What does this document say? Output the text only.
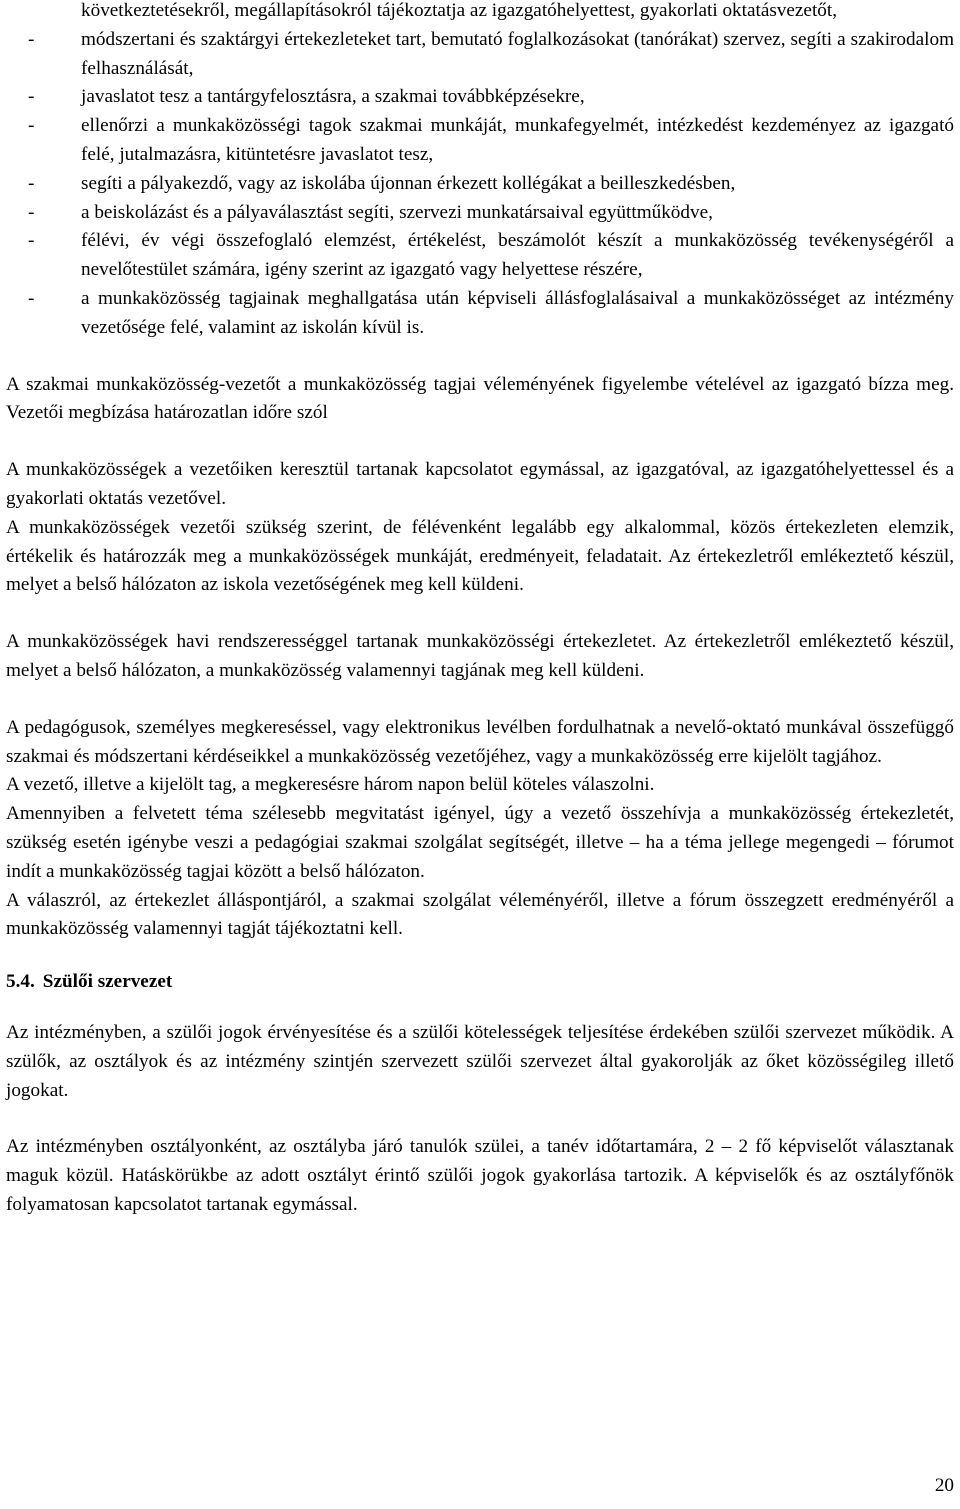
következtetésekről, megállapításokról tájékoztatja az igazgatóhelyettest, gyakorlati oktatásvezetőt,

- módszertani és szaktárgyi értekezleteket tart, bemutató foglalkozásokat (tanórákat) szervez, segíti a szakirodalom felhasználását,
- javaslatot tesz a tantárgyfelosztásra, a szakmai továbbképzésekre,
- ellenőrzi a munkaközösségi tagok szakmai munkáját, munkafegyelmét, intézkedést kezdeményez az igazgató felé, jutalmazásra, kitüntetésre javaslatot tesz,
- segíti a pályakezdő, vagy az iskolába újonnan érkezett kollégákat a beilleszkedésben,
- a beiskolázást és a pályaválasztást segíti, szervezi munkatársaival együttműködve,
- félévi, év végi összefoglaló elemzést, értékelést, beszámolót készít a munkaközösség tevékenységéről a nevelőtestület számára, igény szerint az igazgató vagy helyettese részére,
- a munkaközösség tagjainak meghallgatása után képviseli állásfoglalásaival a munkaközösséget az intézmény vezetősége felé, valamint az iskolán kívül is.

A szakmai munkaközösség-vezetőt a munkaközösség tagjai véleményének figyelembe vételével az igazgató bízza meg. Vezetői megbízása határozatlan időre szól

A munkaközösségek a vezetőiken keresztül tartanak kapcsolatot egymással, az igazgatóval, az igazgatóhelyettessel és a gyakorlati oktatás vezetővel.

A munkaközösségek vezetői szükség szerint, de félévenként legalább egy alkalommal, közös értekezleten elemzik, értékelik és határozzák meg a munkaközösségek munkáját, eredményeit, feladatait. Az értekezletről emlékeztető készül, melyet a belső hálózaton az iskola vezetőségének meg kell küldeni.

A munkaközösségek havi rendszerességgel tartanak munkaközösségi értekezletet. Az értekezletről emlékeztető készül, melyet a belső hálózaton, a munkaközösség valamennyi tagjának meg kell küldeni.

A pedagógusok, személyes megkereséssel, vagy elektronikus levélben fordulhatnak a nevelő-oktató munkával összefüggő szakmai és módszertani kérdéseikkel a munkaközösség vezetőjéhez, vagy a munkaközösség erre kijelölt tagjához.

A vezető, illetve a kijelölt tag, a megkeresésre három napon belül köteles válaszolni.

Amennyiben a felvetett téma szélesebb megvitatást igényel, úgy a vezető összehívja a munkaközösség értekezletét, szükség esetén igénybe veszi a pedagógiai szakmai szolgálat segítségét, illetve – ha a téma jellege megengedi – fórumot indít a munkaközösség tagjai között a belső hálózaton.

A válaszról, az értekezlet álláspontjáról, a szakmai szolgálat véleményéről, illetve a fórum összegzett eredményéről a munkaközösség valamennyi tagját tájékoztatni kell.

5.4. Szülői szervezet

Az intézményben, a szülői jogok érvényesítése és a szülői kötelességek teljesítése érdekében szülői szervezet működik. A szülők, az osztályok és az intézmény szintjén szervezett szülői szervezet által gyakorolják az őket közösségileg illető jogokat.

Az intézményben osztályonként, az osztályba járó tanulók szülei, a tanév időtartamára, 2 – 2 fő képviselőt választanak maguk közül. Hatáskörükbe az adott osztályt érintő szülői jogok gyakorlása tartozik. A képviselők és az osztályfőnök folyamatosan kapcsolatot tartanak egymással.

20
